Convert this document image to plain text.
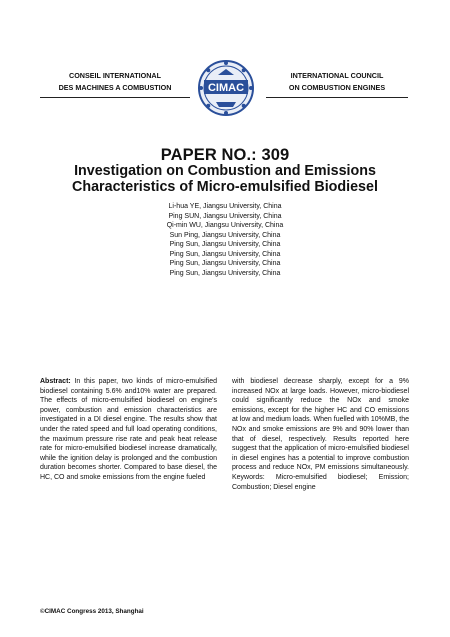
CONSEIL INTERNATIONAL
DES MACHINES A COMBUSTION	CIMAC
INTERNATIONAL COUNCIL
ON COMBUSTION ENGINES
PAPER NO.: 309
Investigation on Combustion and Emissions
Characteristics of Micro-emulsified Biodiesel
Li-hua YE, Jiangsu University, China
Ping SUN, Jiangsu University, China
Qi-min WU, Jiangsu University, China
Sun Ping, Jiangsu University, China
Ping Sun, Jiangsu University, China
Ping Sun, Jiangsu University, China
Ping Sun, Jiangsu University, China
Ping Sun, Jiangsu University, China
Abstract: In this paper, two kinds of micro-emulsified biodiesel containing 5.6% and10% water are prepared. The effects of micro-emulsified biodiesel on engine's power, combustion and emission characteristics are investigated in a DI diesel engine. The results show that under the rated speed and full load operating conditions, the maximum pressure rise rate and peak heat release rate for micro-emulsified biodiesel increase dramatically, while the ignition delay is prolonged and the combustion duration becomes shorter. Compared to base diesel, the HC, CO and smoke emissions from the engine fueled
with biodiesel decrease sharply, except for a 9% increased NOx at large loads. However, micro-biodiesel could significantly reduce the NOx and smoke emissions, except for the higher HC and CO emissions at low and medium loads. When fuelled with 10%MB, the NOx and smoke emissions are 9% and 90% lower than that of diesel, respectively. Results reported here suggest that the application of micro-emulsified biodiesel in diesel engines has a potential to improve combustion process and reduce NOx, PM emissions simultaneously. Keywords: Micro-emulsified biodiesel; Emission; Combustion; Diesel engine
©CIMAC Congress 2013, Shanghai
